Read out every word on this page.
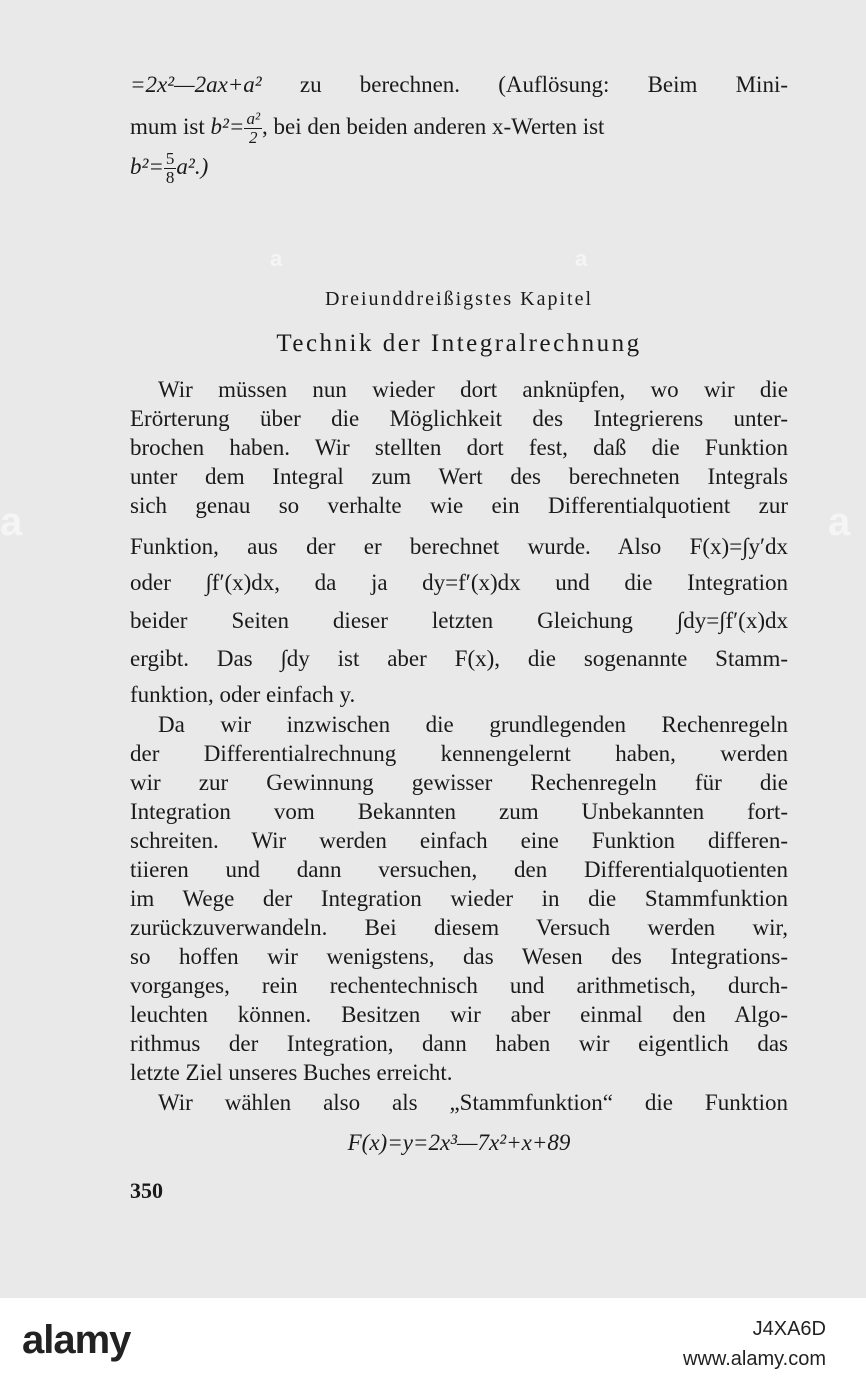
a	a
a	a
=2x²—2ax+a² zu berechnen. (Auflösung: Beim Mini-
mum ist $b^2= \frac{\text{a²}}{2}$ , bei den beiden anderen x-Werten ist
$b^2= \frac{5}{8} a^2$.)
Dreiunddreißigstes Kapitel
Technik der Integralrechnung
Wir müssen nun wieder dort anknüpfen, wo wir die
Erörterung über die Möglichkeit des Integrierens unter-
brochen haben. Wir stellten dort fest, daß die Funktion
unter dem Integral zum Wert des berechneten Integrals
sich genau so verhalte wie ein Differentialquotient zur
Funktion, aus der er berechnet wurde. Also F(x)=∫y′dx
oder ∫f′(x)dx, da ja dy=f′(x)dx und die Integration
beider Seiten dieser letzten Gleichung ∫dy=∫f′(x)dx
ergibt. Das ∫dy ist aber F(x), die sogenannte Stamm-
funktion, oder einfach y.
Da wir inzwischen die grundlegenden Rechenregeln
der Differentialrechnung kennengelernt haben, werden
wir zur Gewinnung gewisser Rechenregeln für die
Integration vom Bekannten zum Unbekannten fort-
schreiten. Wir werden einfach eine Funktion differen-
tiieren und dann versuchen, den Differentialquotienten
im Wege der Integration wieder in die Stammfunktion
zurückzuverwandeln. Bei diesem Versuch werden wir,
so hoffen wir wenigstens, das Wesen des Integrations-
vorganges, rein rechentechnisch und arithmetisch, durch-
leuchten können. Besitzen wir aber einmal den Algo-
rithmus der Integration, dann haben wir eigentlich das
letzte Ziel unseres Buches erreicht.
Wir wählen also als „Stammfunktion“ die Funktion
F(x)=y=2x³—7x²+x+89
350
alamy	J4XA6D
www.alamy.com
